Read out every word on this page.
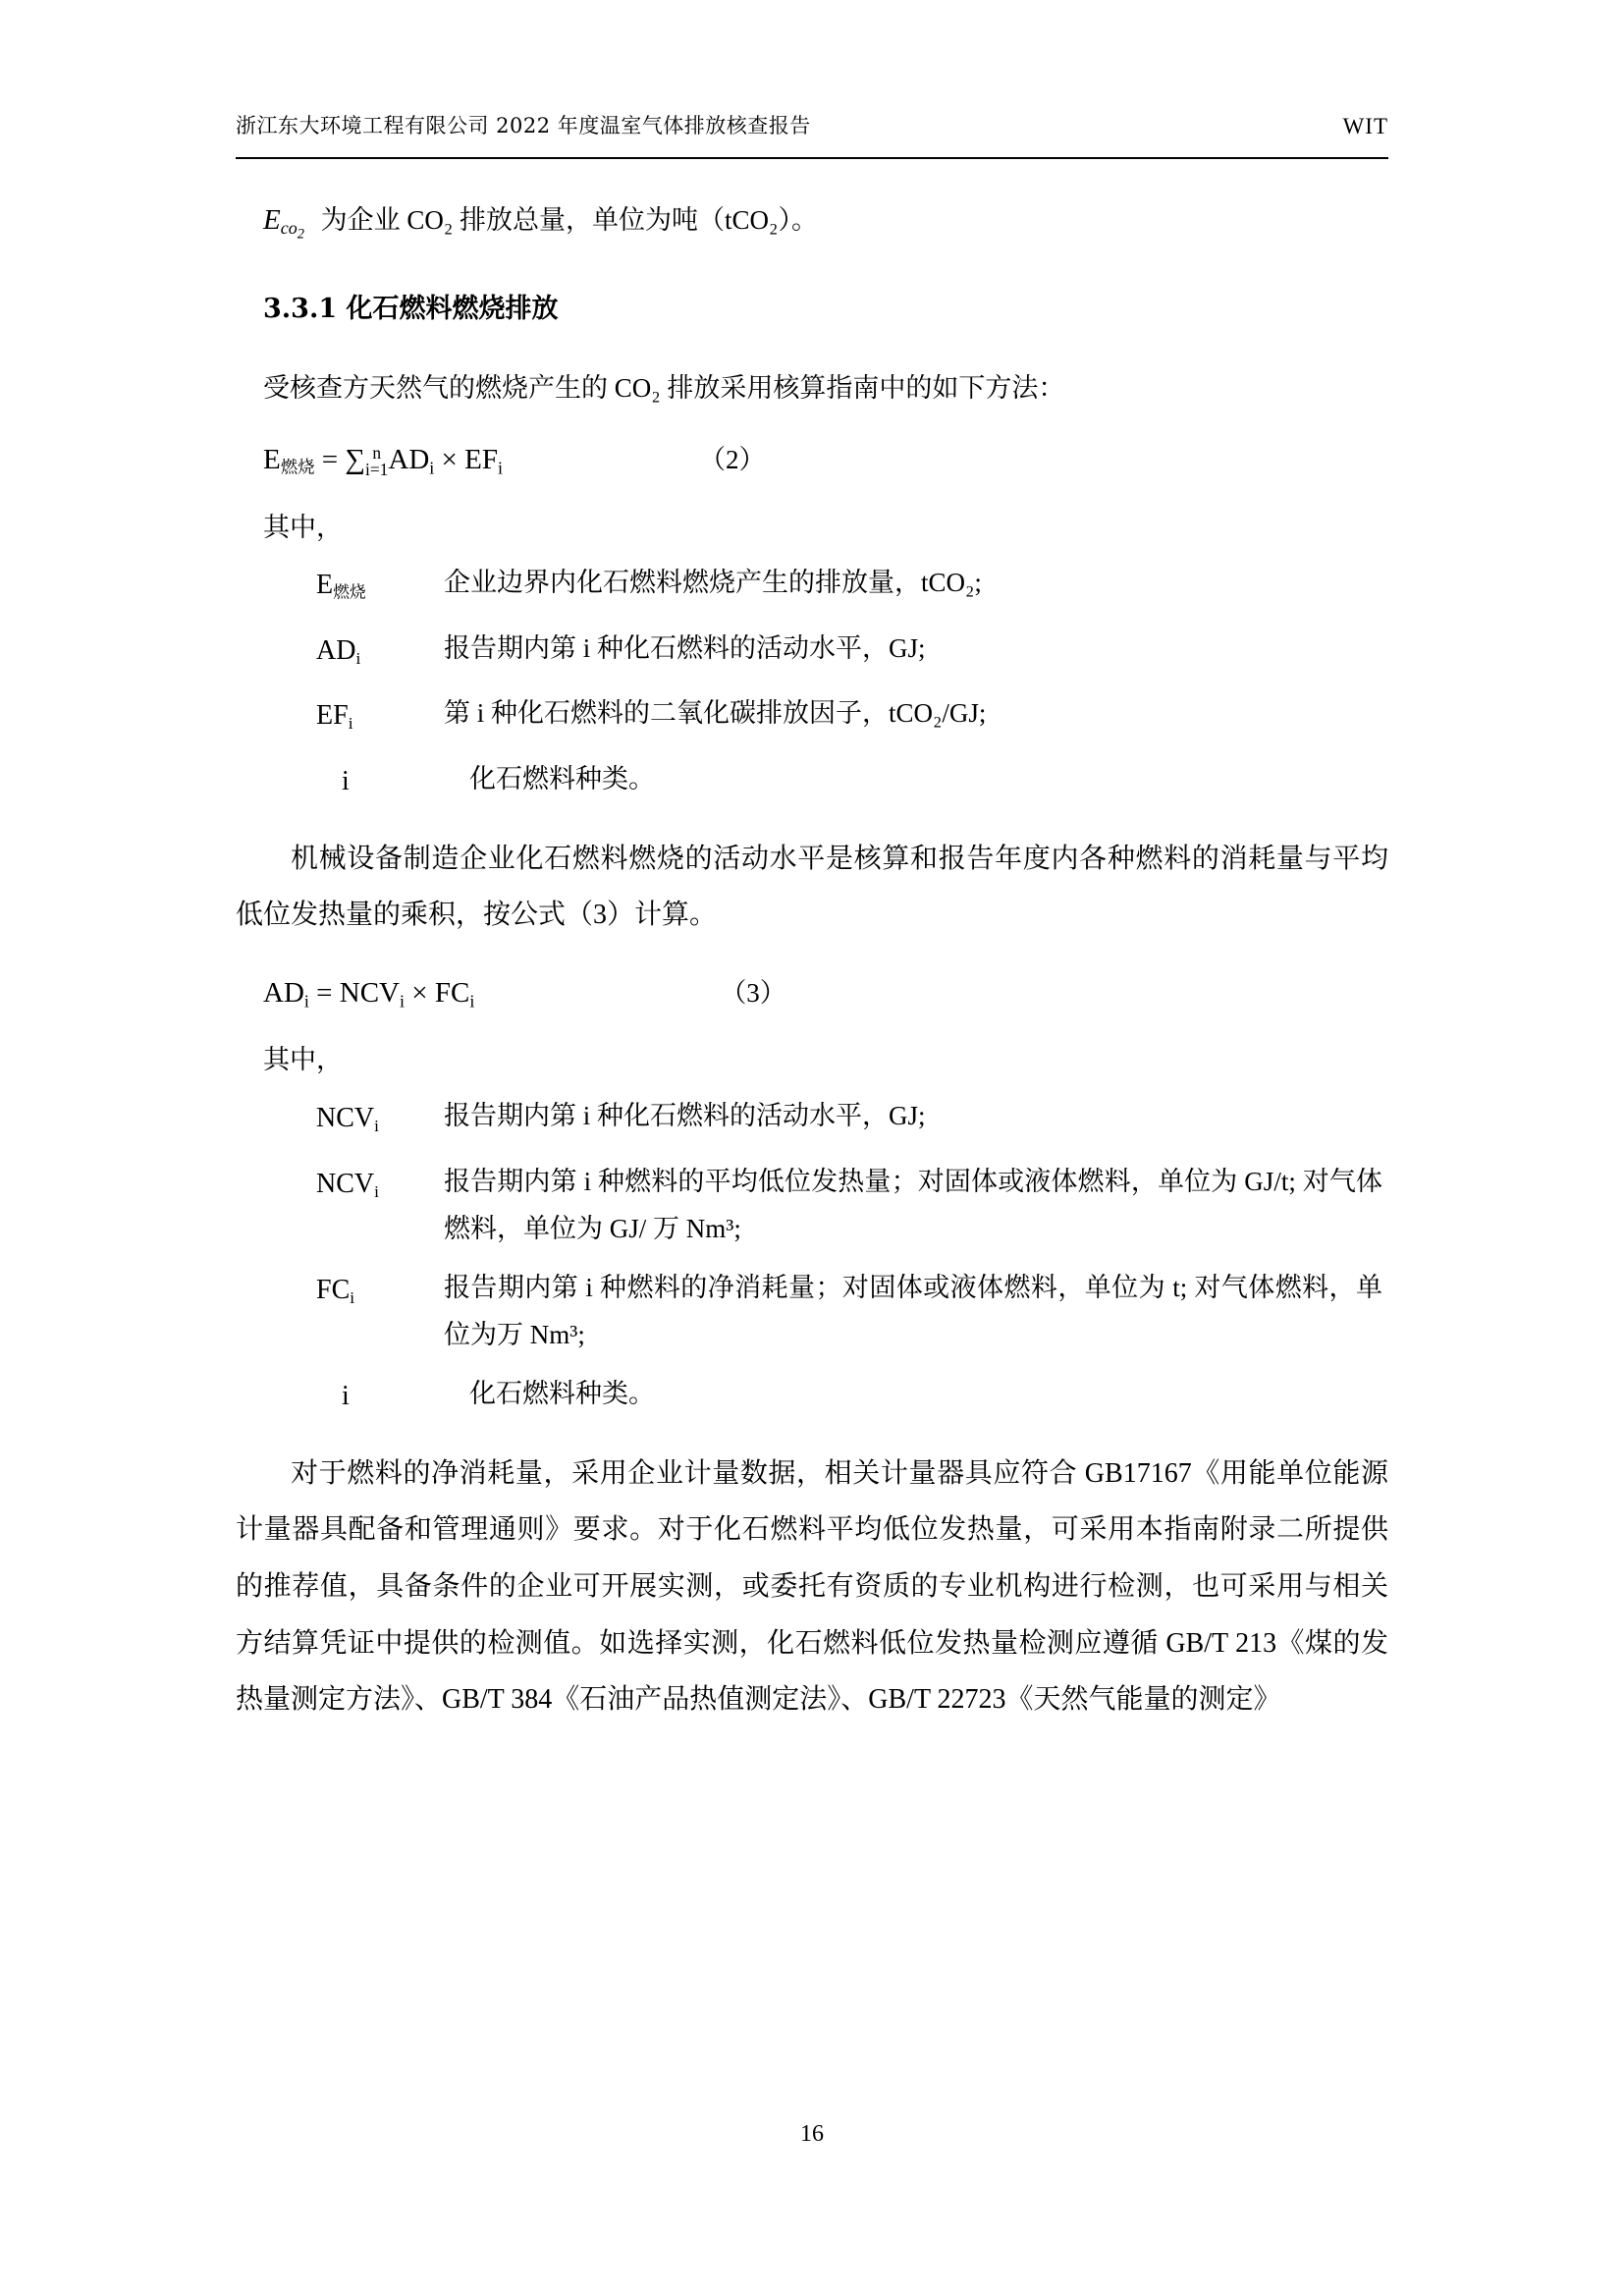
浙江东大环境工程有限公司 2022 年度温室气体排放核查报告	WIT
$E_{co_2}$ 为企业 CO₂ 排放总量，单位为吨（tCO₂）。
3.3.1 化石燃料燃烧排放
受核查方天然气的燃烧产生的 CO₂ 排放采用核算指南中的如下方法：
E燃烧 = ∑ n
i=1 $AD_i \times EF_i$	（2）
其中，
E燃烧	企业边界内化石燃料燃烧产生的排放量，tCO₂;
$AD_i$	报告期内第 i 种化石燃料的活动水平，GJ;
$EF_i$	第 i 种化石燃料的二氧化碳排放因子，tCO₂/GJ;
i	化石燃料种类。
机械设备制造企业化石燃料燃烧的活动水平是核算和报告年度内各种燃料的消耗量与平均低位发热量的乘积，按公式（3）计算。
$AD_i = NCV_i \times FC_i$	（3）
其中，
$NCV_i$	报告期内第 i 种化石燃料的活动水平，GJ;
$NCV_i$	报告期内第 i 种燃料的平均低位发热量；对固体或液体燃料，单位为 GJ/t; 对气体燃料，单位为 GJ/ 万 Nm³;
$FC_i$	报告期内第 i 种燃料的净消耗量；对固体或液体燃料，单位为 t; 对气体燃料，单位为万 Nm³;
i	化石燃料种类。
对于燃料的净消耗量，采用企业计量数据，相关计量器具应符合 GB17167《用能单位能源计量器具配备和管理通则》要求。对于化石燃料平均低位发热量，可采用本指南附录二所提供的推荐值，具备条件的企业可开展实测，或委托有资质的专业机构进行检测，也可采用与相关方结算凭证中提供的检测值。如选择实测，化石燃料低位发热量检测应遵循 GB/T 213《煤的发热量测定方法》、GB/T 384《石油产品热值测定法》、GB/T 22723《天然气能量的测定》
16
